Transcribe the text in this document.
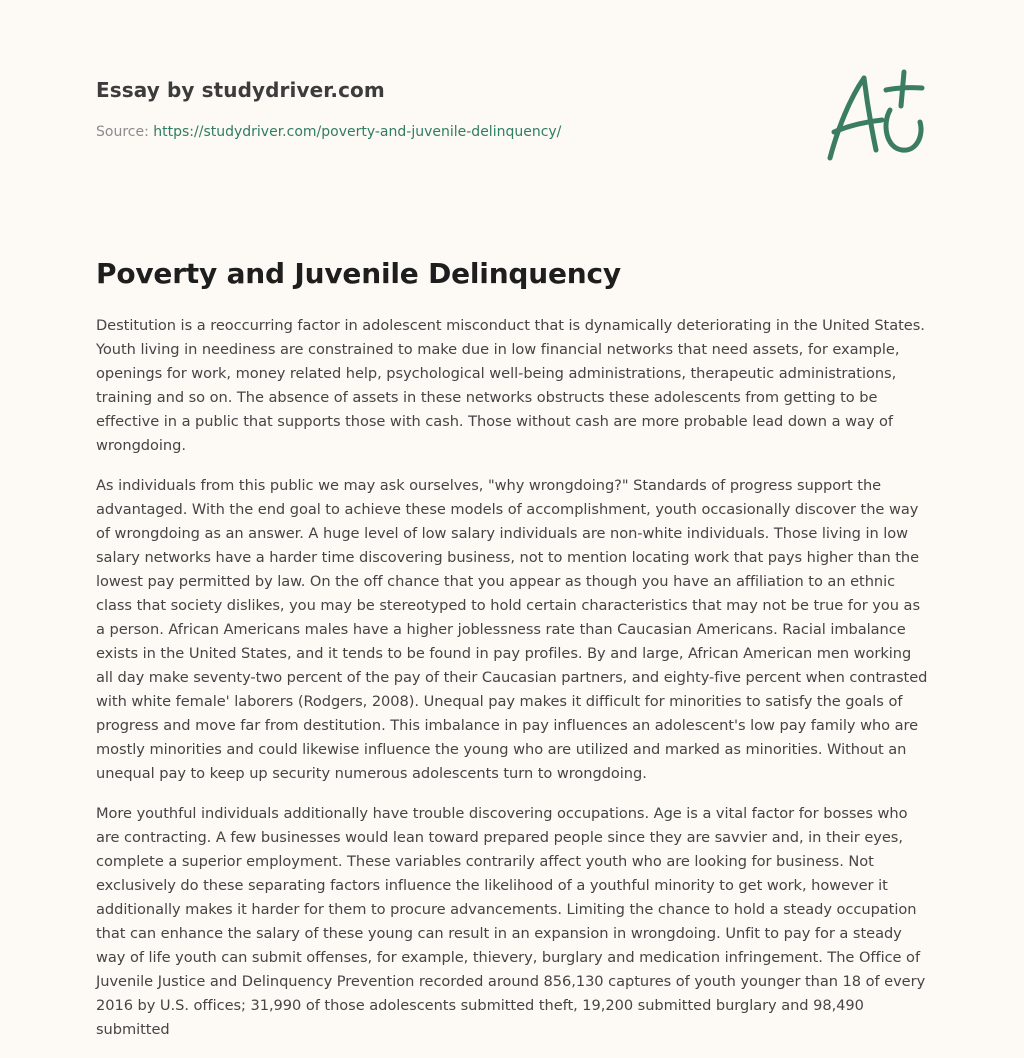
Essay by studydriver.com
Source: https://studydriver.com/poverty-and-juvenile-delinquency/
Poverty and Juvenile Delinquency

Destitution is a reoccurring factor in adolescent misconduct that is dynamically deteriorating in the United States. Youth living in neediness are constrained to make due in low financial networks that need assets, for example, openings for work, money related help, psychological well-being administrations, therapeutic administrations, training and so on. The absence of assets in these networks obstructs these adolescents from getting to be effective in a public that supports those with cash. Those without cash are more probable lead down a way of wrongdoing.

As individuals from this public we may ask ourselves, "why wrongdoing?" Standards of progress support the advantaged. With the end goal to achieve these models of accomplishment, youth occasionally discover the way of wrongdoing as an answer. A huge level of low salary individuals are non-white individuals. Those living in low salary networks have a harder time discovering business, not to mention locating work that pays higher than the lowest pay permitted by law. On the off chance that you appear as though you have an affiliation to an ethnic class that society dislikes, you may be stereotyped to hold certain characteristics that may not be true for you as a person. African Americans males have a higher joblessness rate than Caucasian Americans. Racial imbalance exists in the United States, and it tends to be found in pay profiles. By and large, African American men working all day make seventy-two percent of the pay of their Caucasian partners, and eighty-five percent when contrasted with white female' laborers (Rodgers, 2008). Unequal pay makes it difficult for minorities to satisfy the goals of progress and move far from destitution. This imbalance in pay influences an adolescent's low pay family who are mostly minorities and could likewise influence the young who are utilized and marked as minorities. Without an unequal pay to keep up security numerous adolescents turn to wrongdoing.

More youthful individuals additionally have trouble discovering occupations. Age is a vital factor for bosses who are contracting. A few businesses would lean toward prepared people since they are savvier and, in their eyes, complete a superior employment. These variables contrarily affect youth who are looking for business. Not exclusively do these separating factors influence the likelihood of a youthful minority to get work, however it additionally makes it harder for them to procure advancements. Limiting the chance to hold a steady occupation that can enhance the salary of these young can result in an expansion in wrongdoing. Unfit to pay for a steady way of life youth can submit offenses, for example, thievery, burglary and medication infringement. The Office of Juvenile Justice and Delinquency Prevention recorded around 856,130 captures of youth younger than 18 of every 2016 by U.S. offices; 31,990 of those adolescents submitted theft, 19,200 submitted burglary and 98,490 submitted
